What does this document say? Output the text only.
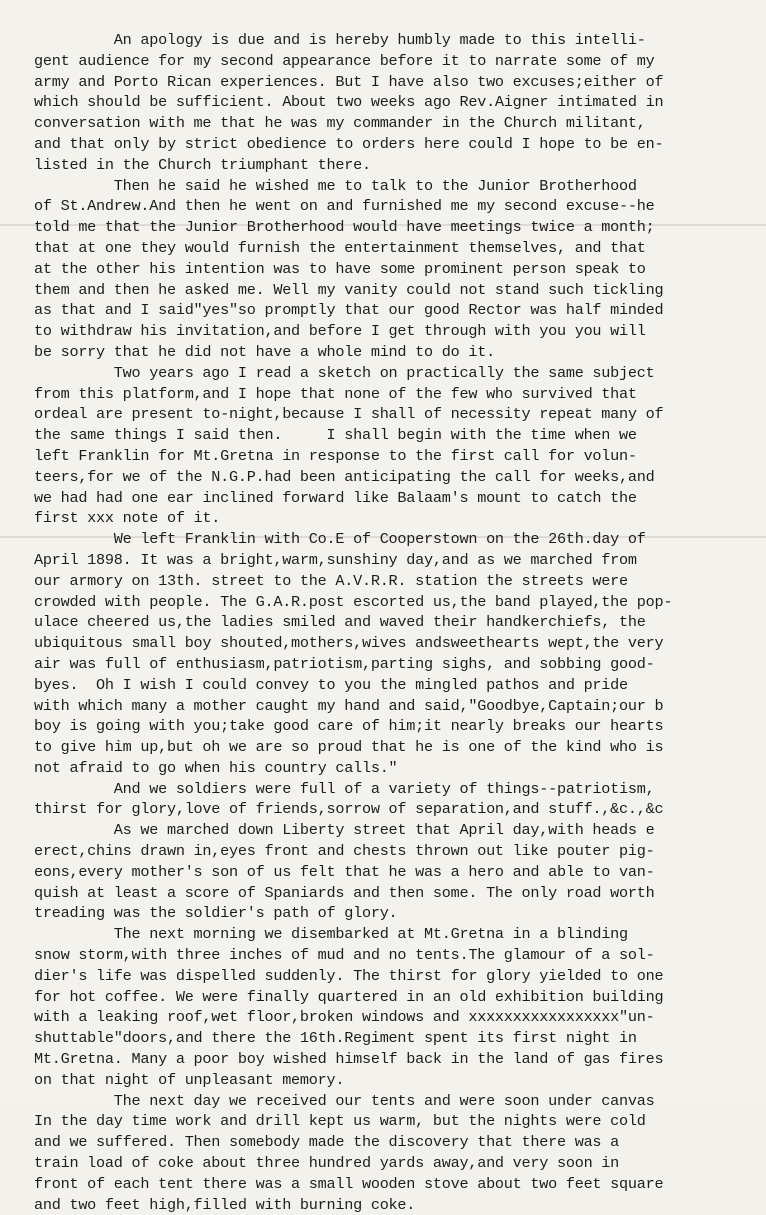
An apology is due and is hereby humbly made to this intelli-
gent audience for my second appearance before it to narrate some of my
army and Porto Rican experiences. But I have also two excuses;either of
which should be sufficient. About two weeks ago Rev.Aigner intimated in
conversation with me that he was my commander in the Church militant,
and that only by strict obedience to orders here could I hope to be en-
listed in the Church triumphant there.
Then he said he wished me to talk to the Junior Brotherhood
of St.Andrew.And then he went on and furnished me my second excuse--he
told me that the Junior Brotherhood would have meetings twice a month;
that at one they would furnish the entertainment themselves, and that
at the other his intention was to have some prominent person speak to
them and then he asked me. Well my vanity could not stand such tickling
as that and I said"yes"so promptly that our good Rector was half minded
to withdraw his invitation,and before I get through with you you will
be sorry that he did not have a whole mind to do it.
Two years ago I read a sketch on practically the same subject
from this platform,and I hope that none of the few who survived that
ordeal are present to-night,because I shall of necessity repeat many of
the same things I said then.     I shall begin with the time when we
left Franklin for Mt.Gretna in response to the first call for volun-
teers,for we of the N.G.P.had been anticipating the call for weeks,and
we had had one ear inclined forward like Balaam's mount to catch the
first xxx note of it.
We left Franklin with Co.E of Cooperstown on the 26th.day of
April 1898. It was a bright,warm,sunshiny day,and as we marched from
our armory on 13th. street to the A.V.R.R. station the streets were
crowded with people. The G.A.R.post escorted us,the band played,the pop-
ulace cheered us,the ladies smiled and waved their handkerchiefs, the
ubiquitous small boy shouted,mothers,wives andsweethearts wept,the very
air was full of enthusiasm,patriotism,parting sighs, and sobbing good-
byes.  Oh I wish I could convey to you the mingled pathos and pride
with which many a mother caught my hand and said,"Goodbye,Captain;our b
boy is going with you;take good care of him;it nearly breaks our hearts
to give him up,but oh we are so proud that he is one of the kind who is
not afraid to go when his country calls."
And we soldiers were full of a variety of things--patriotism,
thirst for glory,love of friends,sorrow of separation,and stuff.,&c.,&c
As we marched down Liberty street that April day,with heads e
erect,chins drawn in,eyes front and chests thrown out like pouter pig-
eons,every mother's son of us felt that he was a hero and able to van-
quish at least a score of Spaniards and then some. The only road worth
treading was the soldier's path of glory.
The next morning we disembarked at Mt.Gretna in a blinding
snow storm,with three inches of mud and no tents.The glamour of a sol-
dier's life was dispelled suddenly. The thirst for glory yielded to one
for hot coffee. We were finally quartered in an old exhibition building
with a leaking roof,wet floor,broken windows and xxxxxxxxxxxxxxxxx"un-
shuttable"doors,and there the 16th.Regiment spent its first night in
Mt.Gretna. Many a poor boy wished himself back in the land of gas fires
on that night of unpleasant memory.
The next day we received our tents and were soon under canvas
In the day time work and drill kept us warm, but the nights were cold
and we suffered. Then somebody made the discovery that there was a
train load of coke about three hundred yards away,and very soon in
front of each tent there was a small wooden stove about two feet square
and two feet high,filled with burning coke.
